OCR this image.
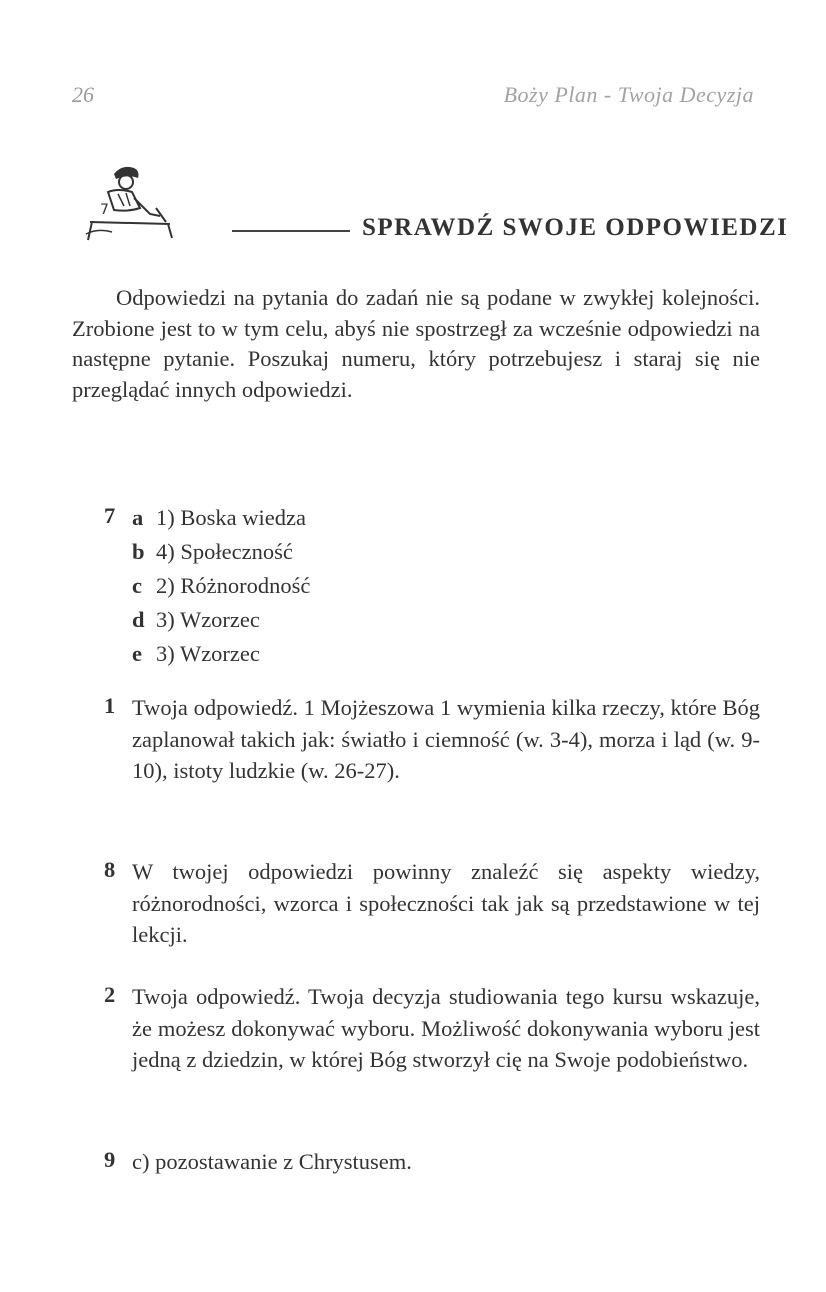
26	Boży Plan - Twoja Decyzja
7
SPRAWDŹ SWOJE ODPOWIEDZI
Odpowiedzi na pytania do zadań nie są podane w zwykłej kolejności. Zrobione jest to w tym celu, abyś nie spostrzegł za wcześnie odpowiedzi na następne pytanie. Poszukaj numeru, który potrzebujesz i staraj się nie przeglądać innych odpowiedzi.
7 a 1) Boska wiedza
b 4) Społeczność
c 2) Różnorodność
d 3) Wzorzec
e 3) Wzorzec
1 Twoja odpowiedź. 1 Mojżeszowa 1 wymienia kilka rzeczy, które Bóg zaplanował takich jak: światło i ciemność (w. 3-4), morza i ląd (w. 9-10), istoty ludzkie (w. 26-27).
8 W twojej odpowiedzi powinny znaleźć się aspekty wiedzy, różnorodności, wzorca i społeczności tak jak są przedstawione w tej lekcji.
2 Twoja odpowiedź. Twoja decyzja studiowania tego kursu wskazuje, że możesz dokonywać wyboru. Możliwość dokonywania wyboru jest jedną z dziedzin, w której Bóg stworzył cię na Swoje podobieństwo.
9 c) pozostawanie z Chrystusem.
